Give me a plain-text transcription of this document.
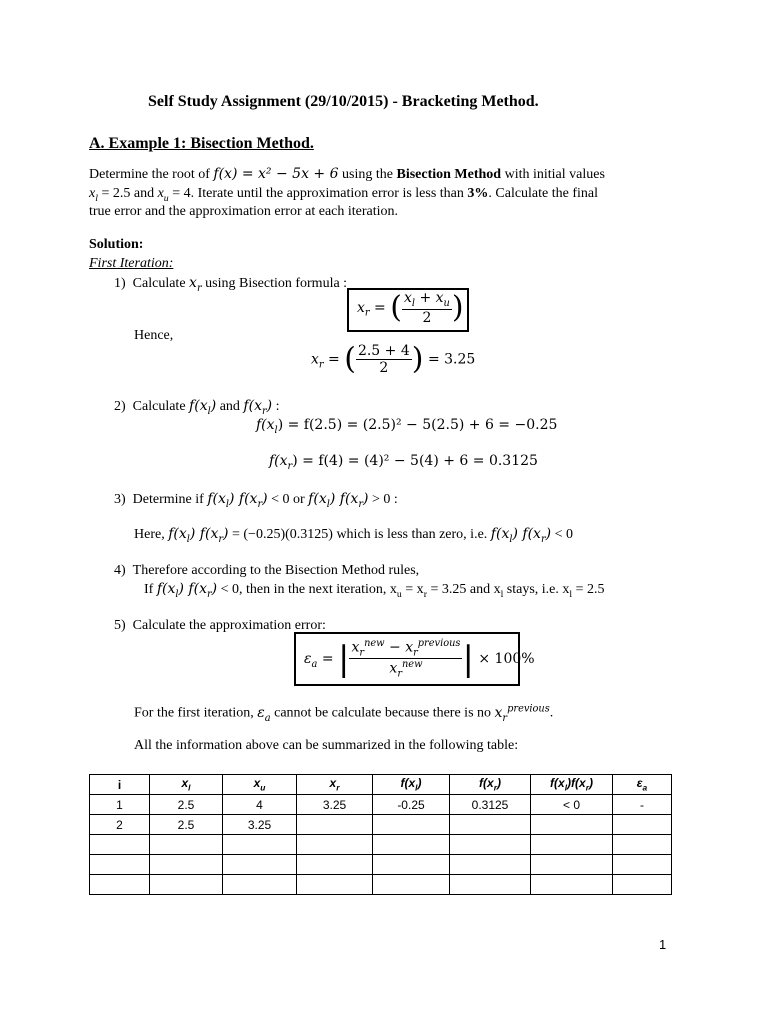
Self Study Assignment (29/10/2015) - Bracketing Method.
A. Example 1: Bisection Method.
Determine the root of f(x) = x² − 5x + 6 using the Bisection Method with initial values
$x_l = 2.5$ and $x_u = 4$. Iterate until the approximation error is less than 3%. Calculate the final
true error and the approximation error at each iteration.
Solution:
First Iteration:
1) Calculate $x_r$ using Bisection formula :
$x_r$ = ( $\frac{x_l + x_u}{2}$ )
Hence,
$x_r$ = ( $\frac{2.5 + 4}{2}$ ) = 3.25
2) Calculate $f(x_l)$ and $f(x_r)$ :
$f(x_l) = f(2.5) = (2.5)^2 - 5(2.5) + 6 = -0.25$
$f(x_r) = f(4) = (4)^2 - 5(4) + 6 = 0.3125$
3) Determine if $f(x_l) f(x_r) < 0$ or $f(x_l) f(x_r) > 0$ :
Here, $f(x_l) f(x_r) = (-0.25)(0.3125)$ which is less than zero, i.e. $f(x_l) f(x_r) < 0$
4) Therefore according to the Bisection Method rules,
If $f(x_l) f(x_r) < 0$, then in the next iteration, $x_u = x_r = 3.25$ and $x_l$ stays, i.e. $x_l = 2.5$
5) Calculate the approximation error:
$\varepsilon_a$ = | $\frac{x_r^{new} - x_r^{previous}}{x_r^{new}}$ | × 100%
For the first iteration, $\varepsilon_a$ cannot be calculate because there is no $x_r^{previous}$.
All the information above can be summarized in the following table:
i	$x_l$	$x_u$	$x_r$	$f(x_l)$	$f(x_r)$	$f(x_l)f(x_r)$	$\varepsilon_a$
1	2.5	4	3.25	-0.25	0.3125	< 0	-
2	2.5	3.25					

1
